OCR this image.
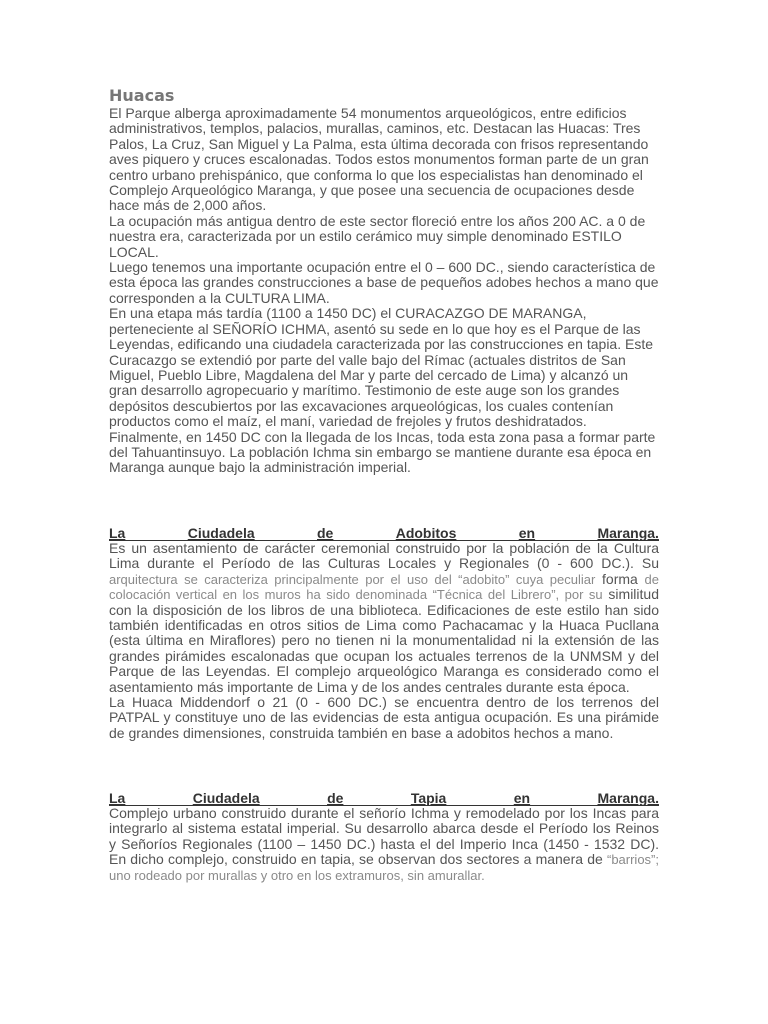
Huacas

El Parque alberga aproximadamente 54 monumentos arqueológicos, entre edificios administrativos, templos, palacios, murallas, caminos, etc. Destacan las Huacas: Tres Palos, La Cruz, San Miguel y La Palma, esta última decorada con frisos representando aves piquero y cruces escalonadas. Todos estos monumentos forman parte de un gran centro urbano prehispánico, que conforma lo que los especialistas han denominado el Complejo Arqueológico Maranga, y que posee una secuencia de ocupaciones desde hace más de 2,000 años.

La ocupación más antigua dentro de este sector floreció entre los años 200 AC. a 0 de nuestra era, caracterizada por un estilo cerámico muy simple denominado ESTILO LOCAL.

Luego tenemos una importante ocupación entre el 0 – 600 DC., siendo característica de esta época las grandes construcciones a base de pequeños adobes hechos a mano que corresponden a la CULTURA LIMA.

En una etapa más tardía (1100 a 1450 DC) el CURACAZGO DE MARANGA, perteneciente al SEÑORÍO ICHMA, asentó su sede en lo que hoy es el Parque de las Leyendas, edificando una ciudadela caracterizada por las construcciones en tapia. Este Curacazgo se extendió por parte del valle bajo del Rímac (actuales distritos de San Miguel, Pueblo Libre, Magdalena del Mar y parte del cercado de Lima) y alcanzó un gran desarrollo agropecuario y marítimo. Testimonio de este auge son los grandes depósitos descubiertos por las excavaciones arqueológicas, los cuales contenían productos como el maíz, el maní, variedad de frejoles y frutos deshidratados.

Finalmente, en 1450 DC con la llegada de los Incas, toda esta zona pasa a formar parte del Tahuantinsuyo. La población Ichma sin embargo se mantiene durante esa época en Maranga aunque bajo la administración imperial.

La	Ciudadela	de	Adobitos	en	Maranga.

Es un asentamiento de carácter ceremonial construido por la población de la Cultura Lima durante el Período de las Culturas Locales y Regionales (0 - 600 DC.). Su arquitectura se caracteriza principalmente por el uso del “adobito” cuya peculiar forma de colocación vertical en los muros ha sido denominada “Técnica del Librero”, por su similitud con la disposición de los libros de una biblioteca. Edificaciones de este estilo han sido también identificadas en otros sitios de Lima como Pachacamac y la Huaca Pucllana (esta última en Miraflores) pero no tienen ni la monumentalidad ni la extensión de las grandes pirámides escalonadas que ocupan los actuales terrenos de la UNMSM y del Parque de las Leyendas. El complejo arqueológico Maranga es considerado como el asentamiento más importante de Lima y de los andes centrales durante esta época.

La Huaca Middendorf o 21 (0 - 600 DC.) se encuentra dentro de los terrenos del PATPAL y constituye uno de las evidencias de esta antigua ocupación. Es una pirámide de grandes dimensiones, construida también en base a adobitos hechos a mano.

La	Ciudadela	de	Tapia	en	Maranga.

Complejo urbano construido durante el señorío Ichma y remodelado por los Incas para integrarlo al sistema estatal imperial. Su desarrollo abarca desde el Período los Reinos y Señoríos Regionales (1100 – 1450 DC.) hasta el del Imperio Inca (1450 - 1532 DC). En dicho complejo, construido en tapia, se observan dos sectores a manera de “barrios”; uno rodeado por murallas y otro en los extramuros, sin amurallar.
